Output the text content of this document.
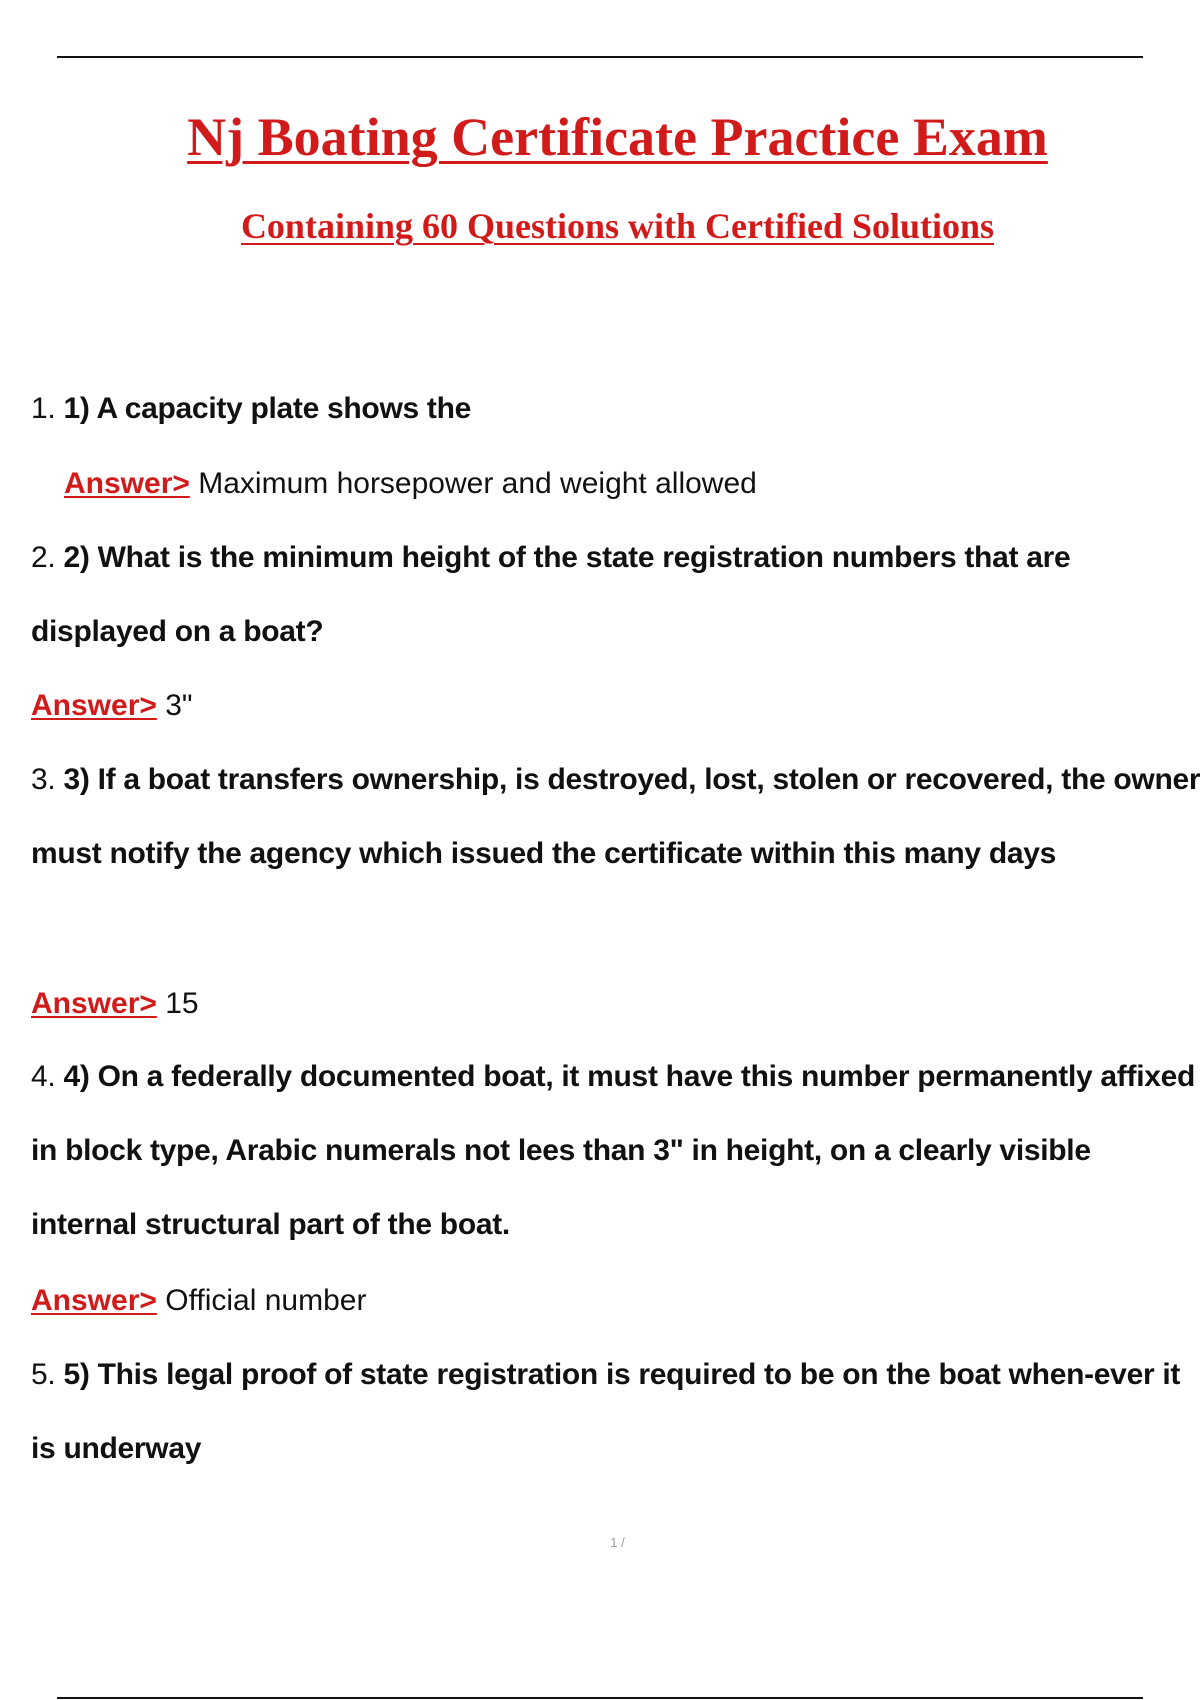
Nj Boating Certificate Practice Exam
Containing 60 Questions with Certified Solutions

1. 1) A capacity plate shows the

Answer> Maximum horsepower and weight allowed

2. 2) What is the minimum height of the state registration numbers that are displayed on a boat?

Answer> 3"

3. 3) If a boat transfers ownership, is destroyed, lost, stolen or recovered, the owner must notify the agency which issued the certificate within this many days

Answer> 15

4. 4) On a federally documented boat, it must have this number permanently affixed in block type, Arabic numerals not lees than 3" in height, on a clearly visible internal structural part of the boat.

Answer> Official number

5. 5) This legal proof of state registration is required to be on the boat when-ever it is underway

1 /
